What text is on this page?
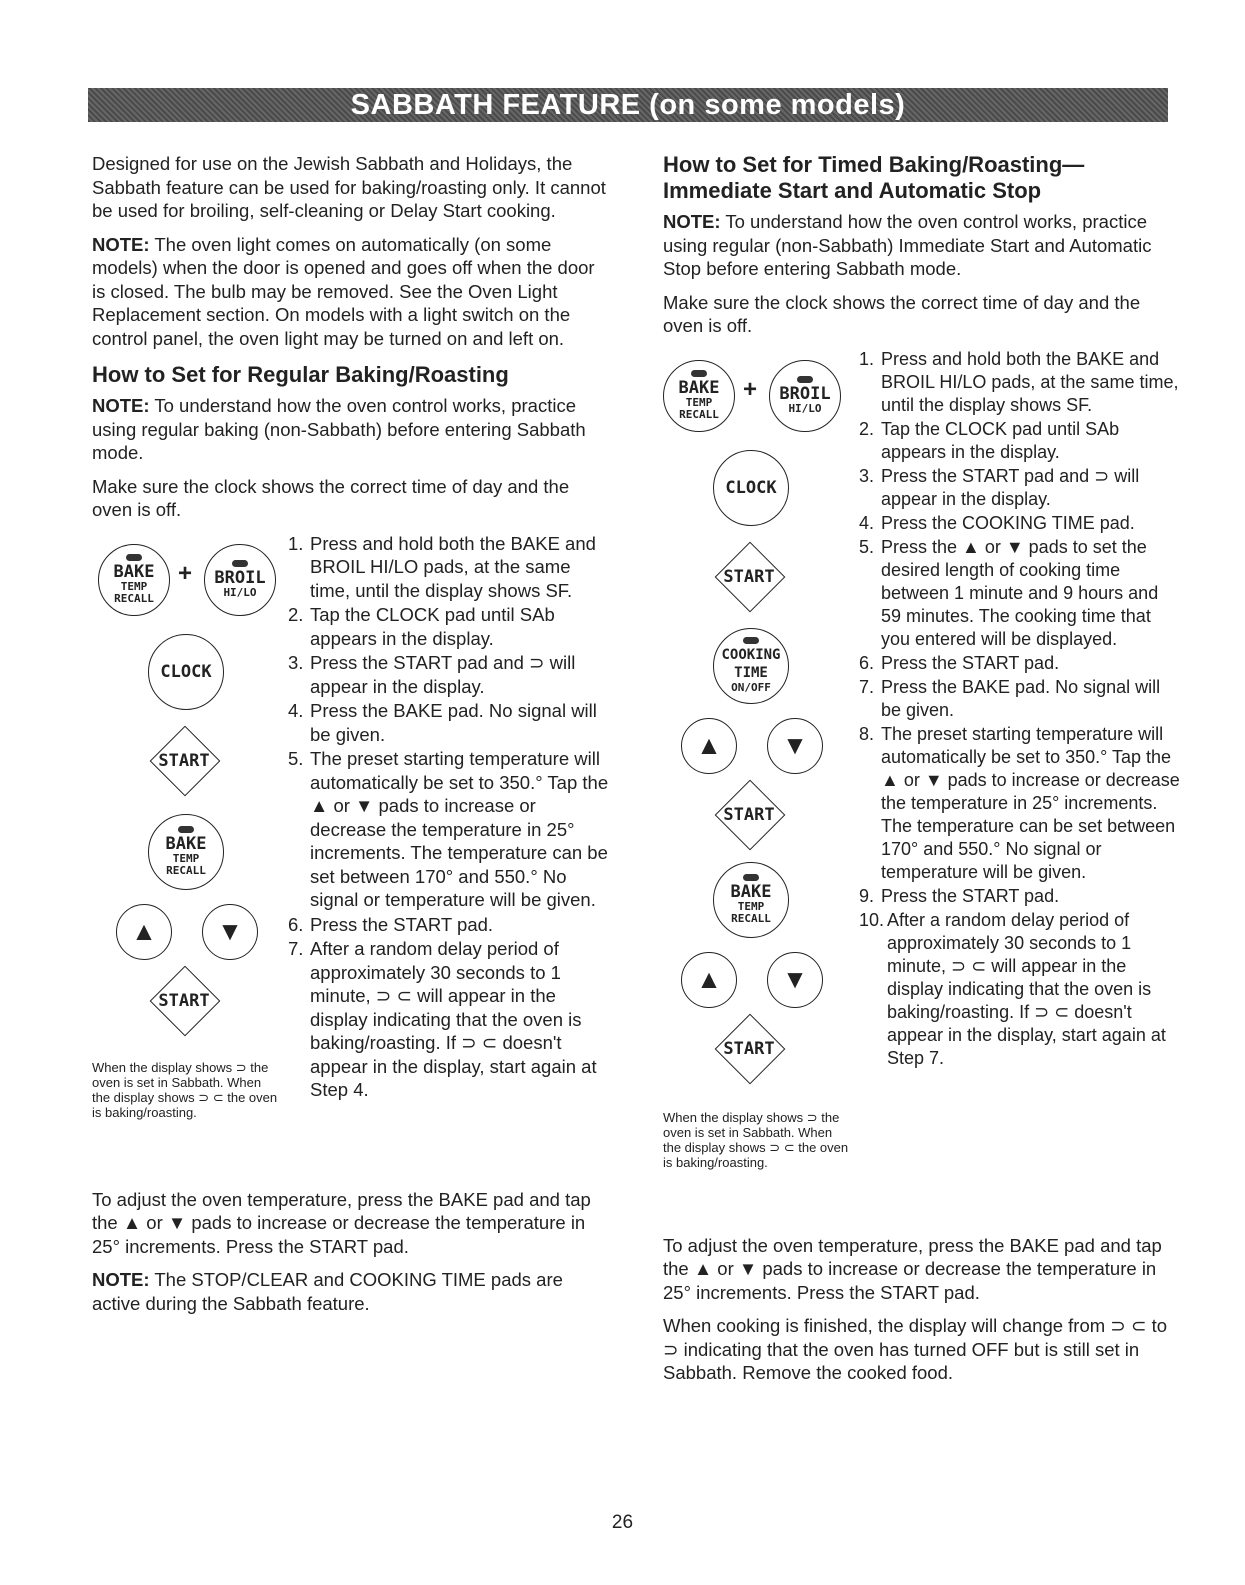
SABBATH FEATURE (on some models)

Designed for use on the Jewish Sabbath and Holidays, the Sabbath feature can be used for baking/roasting only. It cannot be used for broiling, self-cleaning or Delay Start cooking.

NOTE: The oven light comes on automatically (on some models) when the door is opened and goes off when the door is closed. The bulb may be removed. See the Oven Light Replacement section. On models with a light switch on the control panel, the oven light may be turned on and left on.

How to Set for Regular Baking/Roasting

NOTE: To understand how the oven control works, practice using regular baking (non-Sabbath) before entering Sabbath mode.

Make sure the clock shows the correct time of day and the oven is off.

BAKE
TEMP
RECALL
+ BROIL
HI/LO
CLOCK
START
BAKE
TEMP
RECALL
▲	▼
START
When the display shows ⊃ the oven is set in Sabbath. When the display shows ⊃ ⊂ the oven is baking/roasting.
1. Press and hold both the BAKE and BROIL HI/LO pads, at the same time, until the display shows SF.
2. Tap the CLOCK pad until SAb appears in the display.
3. Press the START pad and ⊃ will appear in the display.
4. Press the BAKE pad. No signal will be given.
5. The preset starting temperature will automatically be set to 350.° Tap the ▲ or ▼ pads to increase or decrease the temperature in 25° increments. The temperature can be set between 170° and 550.° No signal or temperature will be given.
6. Press the START pad.
7. After a random delay period of approximately 30 seconds to 1 minute, ⊃ ⊂ will appear in the display indicating that the oven is baking/roasting. If ⊃ ⊂ doesn't appear in the display, start again at Step 4.

To adjust the oven temperature, press the BAKE pad and tap the ▲ or ▼ pads to increase or decrease the temperature in 25° increments. Press the START pad.

NOTE: The STOP/CLEAR and COOKING TIME pads are active during the Sabbath feature.

How to Set for Timed Baking/Roasting— Immediate Start and Automatic Stop

NOTE: To understand how the oven control works, practice using regular (non-Sabbath) Immediate Start and Automatic Stop before entering Sabbath mode.

Make sure the clock shows the correct time of day and the oven is off.

BAKE
TEMP
RECALL
+ BROIL
HI/LO
CLOCK
START
COOKING
TIME
ON/OFF
▲	▼
START
BAKE
TEMP
RECALL
▲	▼
START
When the display shows ⊃ the oven is set in Sabbath. When the display shows ⊃ ⊂ the oven is baking/roasting.
1. Press and hold both the BAKE and BROIL HI/LO pads, at the same time, until the display shows SF.
2. Tap the CLOCK pad until SAb appears in the display.
3. Press the START pad and ⊃ will appear in the display.
4. Press the COOKING TIME pad.
5. Press the ▲ or ▼ pads to set the desired length of cooking time between 1 minute and 9 hours and 59 minutes. The cooking time that you entered will be displayed.
6. Press the START pad.
7. Press the BAKE pad. No signal will be given.
8. The preset starting temperature will automatically be set to 350.° Tap the ▲ or ▼ pads to increase or decrease the temperature in 25° increments. The temperature can be set between 170° and 550.° No signal or temperature will be given.
9. Press the START pad.
10. After a random delay period of approximately 30 seconds to 1 minute, ⊃ ⊂ will appear in the display indicating that the oven is baking/roasting. If ⊃ ⊂ doesn't appear in the display, start again at Step 7.

To adjust the oven temperature, press the BAKE pad and tap the ▲ or ▼ pads to increase or decrease the temperature in 25° increments. Press the START pad.

When cooking is finished, the display will change from ⊃ ⊂ to ⊃ indicating that the oven has turned OFF but is still set in Sabbath. Remove the cooked food.

26
